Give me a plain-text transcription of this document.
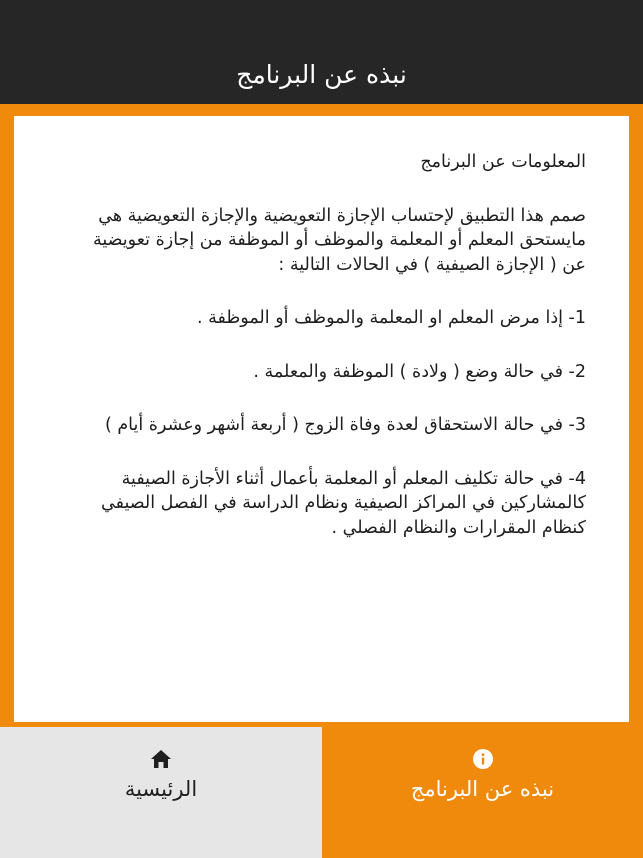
نبذه عن البرنامج

المعلومات عن البرنامج

صمم هذا التطبيق لإحتساب الإجازة التعويضية والإجازة التعويضية هي مايستحق المعلم أو المعلمة والموظف أو الموظفة من إجازة تعويضية عن ( الإجازة الصيفية ) في الحالات التالية :

1- إذا مرض المعلم او المعلمة والموظف أو الموظفة .

2- في حالة وضع ( ولادة ) الموظفة والمعلمة .

3- في حالة الاستحقاق لعدة وفاة الزوج ( أربعة أشهر وعشرة أيام )

4- في حالة تكليف المعلم أو المعلمة بأعمال أثناء الأجازة الصيفية كالمشاركين في المراكز الصيفية ونظام الدراسة في الفصل الصيفي كنظام المقرارات والنظام الفصلي .

الرئيسية	نبذه عن البرنامج
